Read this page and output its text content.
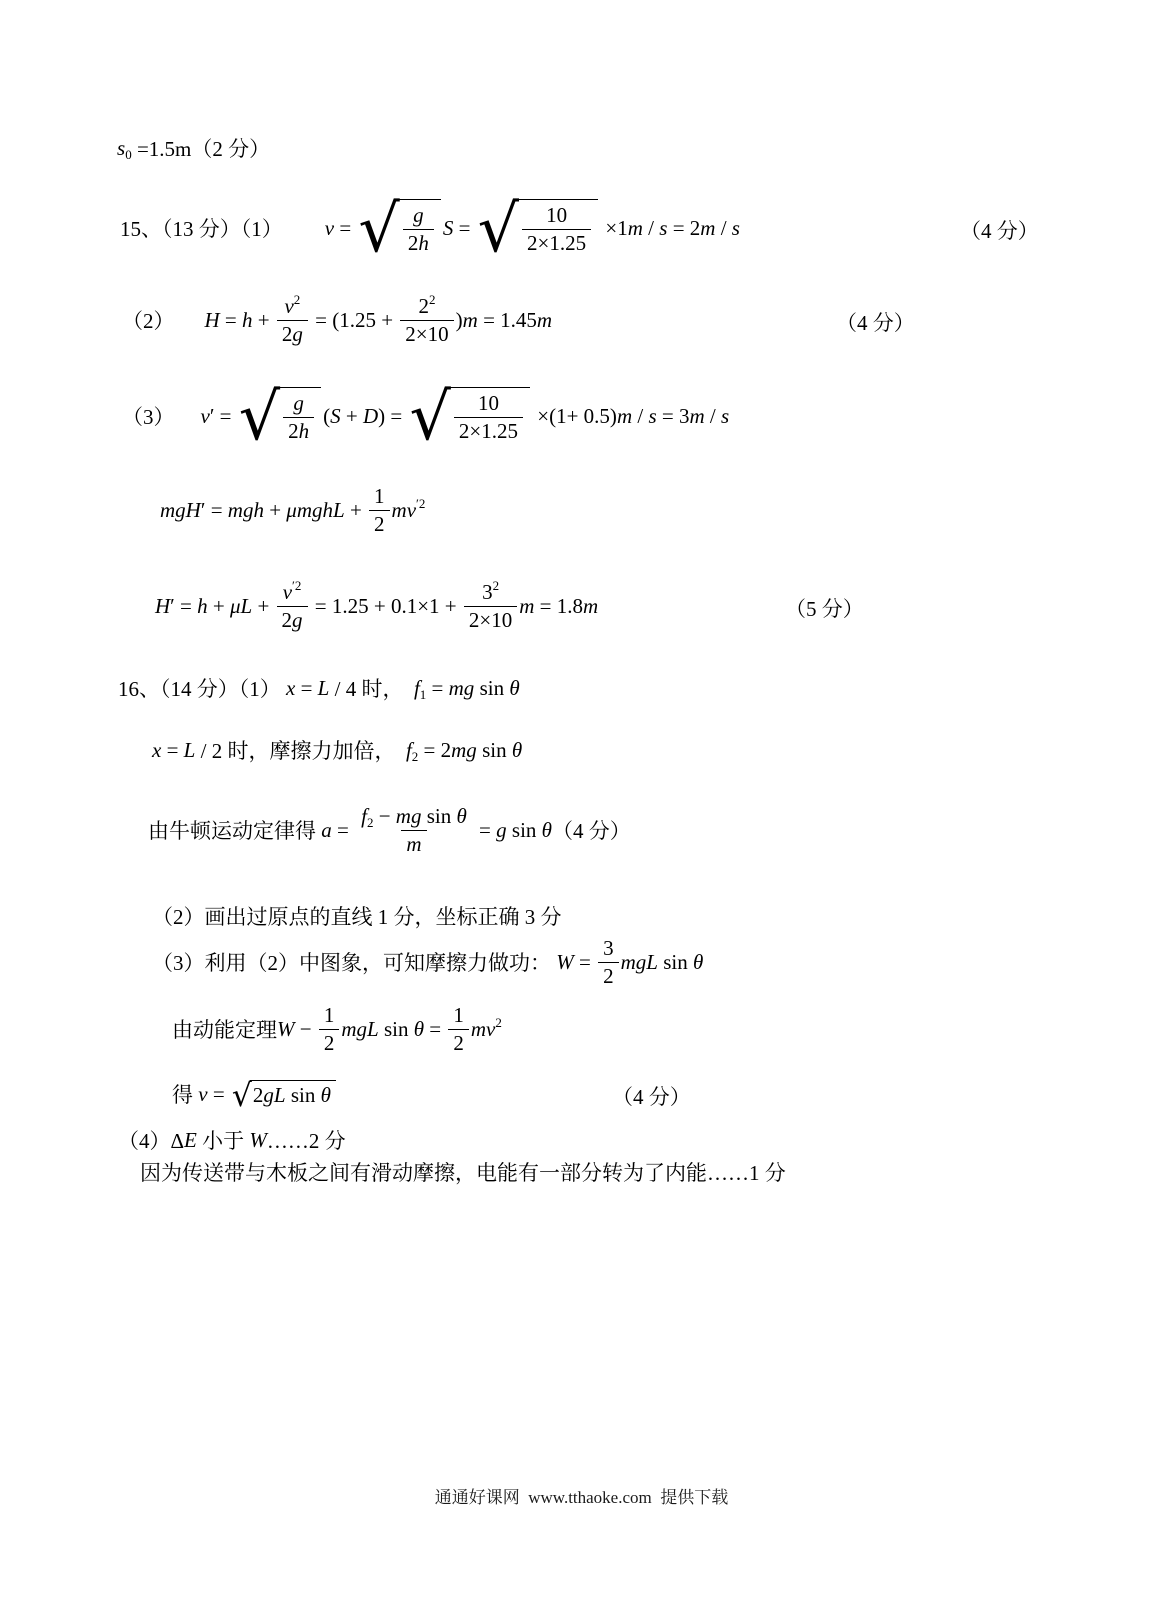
$s_0 =1.5m(2$ 分）
15、（13 分）（1） v = √ $\frac{g}{2 h}$ S = √ $\frac{10}{2\times 1.25} \times 1$ m / s = 2 m / s	（4 分）
（2） $H = h + \frac{v^2}{2 g} = (1.25 + \frac{2^2}{2\times 10}$ ) m = 1.45 m	（4 分）
（3） v ′ = √ $\frac{g}{2 h}$ ( S + D ) = √ $\frac{10}{2\times 1.25} \times(1+ 0.5)$ m / s = 3 m / s
mgH ′ = mgh + μmghL + $\frac{1}{2} mv^{'2}$
H ′ = $h + \mu L + \frac{v^{'2}}{2 g} = 1.25 + 0.1\times 1 + \frac{3^2}{2\times 10}$ m = 1.8 m	（5 分）
16、（14 分）（1） x = L / 4 时， $f_1$ = mg sin θ
x = L / 2 时，摩擦力加倍， $f_2 = 2$ mg sin θ
由牛顿运动定律得 $a = \frac{f_2 - mg \sin \theta}{m} = g$ sin θ （4 分）
（2）画出过原点的直线 1 分，坐标正确 3 分
（3）利用（2）中图象，可知摩擦力做功： $W = \frac{3}{2}$ mgL sin θ
由动能定理 $W - \frac{1}{2}$ mgL $\sin \theta = \frac{1}{2} mv^2$
得 v = √ 2 gL sin θ	（4 分）
（4）Δ E 小于 W ……2 分
因为传送带与木板之间有滑动摩擦，电能有一部分转为了内能……1 分
通通好课网  www.tthaoke.com  提供下载
